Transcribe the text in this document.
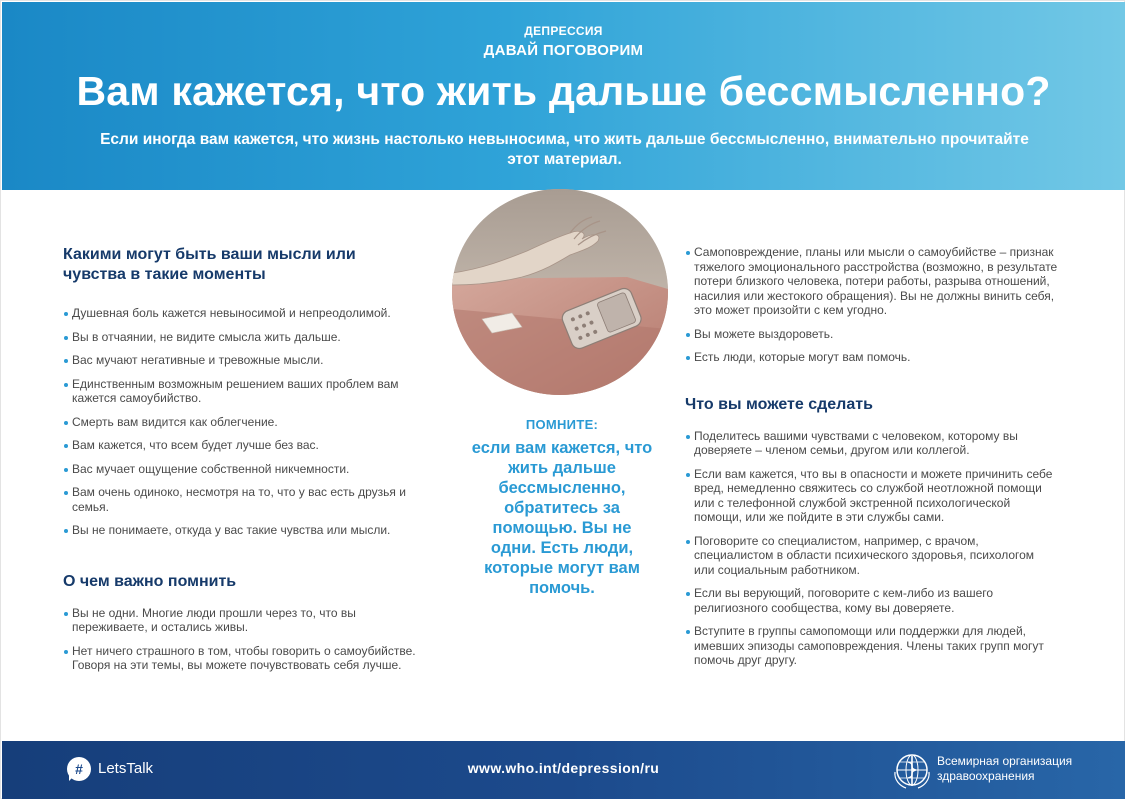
ДЕПРЕССИЯ
ДАВАЙ ПОГОВОРИМ
Вам кажется, что жить дальше бессмысленно?
Если иногда вам кажется, что жизнь настолько невыносима, что жить дальше бессмысленно, внимательно прочитайте этот материал.
Какими могут быть ваши мысли или чувства в такие моменты
Душевная боль кажется невыносимой и непреодолимой.
Вы в отчаянии, не видите смысла жить дальше.
Вас мучают негативные и тревожные мысли.
Единственным возможным решением ваших проблем вам кажется самоубийство.
Смерть вам видится как облегчение.
Вам кажется, что всем будет лучше без вас.
Вас мучает ощущение собственной никчемности.
Вам очень одиноко, несмотря на то, что у вас есть друзья и семья.
Вы не понимаете, откуда у вас такие чувства или мысли.
О чем важно помнить
Вы не одни. Многие люди прошли через то, что вы переживаете, и остались живы.
Нет ничего страшного в том, чтобы говорить о самоубийстве. Говоря на эти темы, вы можете почувствовать себя лучше.
ПОМНИТЕ:
если вам кажется, что жить дальше бессмысленно, обратитесь за помощью. Вы не одни. Есть люди, которые могут вам помочь.
Самоповреждение, планы или мысли о самоубийстве – признак тяжелого эмоционального расстройства (возможно, в результате потери близкого человека, потери работы, разрыва отношений, насилия или жестокого обращения). Вы не должны винить себя, это может произойти с кем угодно.
Вы можете выздороветь.
Есть люди, которые могут вам помочь.
Что вы можете сделать
Поделитесь вашими чувствами с человеком, которому вы доверяете – членом семьи, другом или коллегой.
Если вам кажется, что вы в опасности и можете причинить себе вред, немедленно свяжитесь со службой неотложной помощи или с телефонной службой экстренной психологической помощи, или же пойдите в эти службы сами.
Поговорите со специалистом, например, с врачом, специалистом в области психического здоровья, психологом или социальным работником.
Если вы верующий, поговорите с кем-либо из вашего религиозного сообщества, кому вы доверяете.
Вступите в группы самопомощи или поддержки для людей, имевших эпизоды самоповреждения. Члены таких групп могут помочь друг другу.
#	LetsTalk	www.who.int/depression/ru	Всемирная организация
здравоохранения
